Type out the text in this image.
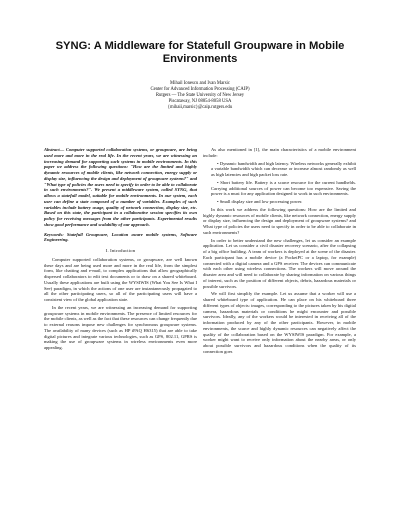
SYNG: A Middleware for Statefull Groupware in Mobile
Environments
Mihail Ionescu and Ivan Marsic
Center for Advanced Information Processing (CAIP)
Rutgers — The State University of New Jersey
Piscataway, NJ 08854-8058 USA
{mihaii,marsic}@caip.rutgers.edu

Abstract— Computer supported collaboration systems, or groupware, are being used more and more in the real life. In the recent years, we are witnessing an increasing demand for supporting such systems in mobile environments. In this paper we address the following questions: "How are the limited and highly dynamic resources of mobile clients, like network connection, energy supply or display size, influencing the design and deployment of groupware systems?" and "What type of policies the users need to specify in order to be able to collaborate in such environments?". We present a middleware system, called SYNG, that allows a statefull model, suitable for mobile environments. In our system, each user can define a state composed of a number of variables. Examples of such variables include battery usage, quality of network connection, display size, etc. Based on this state, the participant in a collaborative session specifies its own policy for receiving messages from the other participants. Experimental results show good performance and scalability of our approach.

Keywords: Statefull Groupware, Location aware mobile systems, Software Engineering.

I. Introduction

Computer supported collaboration systems, or groupware, are well known these days and are being used more and more in the real life, from the simplest form, like chatting and e-mail, to complex applications that allow geographically dispersed collaborators to edit text documents or to draw on a shared whiteboard. Usually these applications are built using the WYSIWIS (What You See Is What I See) paradigm, in which the actions of one user are instantaneously propagated to all the other participating users, so all of the participating users will have a consistent view of the global application state.

In the recent years, we are witnessing an increasing demand for supporting groupware systems in mobile environments. The presence of limited resources for the mobile clients, as well as the fact that these resources can change frequently due to external reasons impose new challenges for synchronous groupware systems. The availability of many devices (such as HP iPAQ H6315) that are able to take digital pictures and integrate various technologies, such as GPS, 802.11, GPRS is making the use of groupware systems in wireless environments even more appealing.

As also mentioned in [1], the main characteristics of a mobile environment include:

• Dynamic bandwidth and high latency. Wireless networks generally exhibit a variable bandwidth which can decrease or increase almost randomly as well as high latencies and high packet loss rate.

• Short battery life. Battery is a scarce resource for the current handhelds. Carrying additional sources of power can become too expensive. Saving the power is a must for any application designed to work in such environments.

• Small display size and low processing power.

In this work we address the following questions: How are the limited and highly dynamic resources of mobile clients, like network connection, energy supply or display size, influencing the design and deployment of groupware systems? and What type of policies the users need to specify in order to be able to collaborate in such environments?

In order to better understand the new challenges, let us consider an example application. Let us consider a civil disaster recovery scenario, after the collapsing of a big office building. A team of workers is deployed at the scene of the disaster. Each participant has a mobile device (a PocketPC or a laptop, for example) connected with a digital camera and a GPS receiver. The devices can communicate with each other using wireless connections. The workers will move around the disaster area and will need to collaborate by sharing information on various things of interest, such as the position of different objects, debris, hazardous materials or possible survivors.

We will first simplify the example. Let us assume that a worker will use a shared whiteboard type of application. He can place on his whiteboard three different types of objects: images, corresponding to the pictures taken by his digital camera, hazardous materials or conditions he might encounter and possible survivors. Ideally, any of the workers would be interested in receiving all of the information produced by any of the other participants. However, in mobile environments, the scarce and highly dynamic resources can negatively affect the quality of the collaboration based on the WYSIWIS paradigm. For example, a worker might want to receive only information about the nearby areas, or only about possible survivors and hazardous conditions when the quality of its connection goes
